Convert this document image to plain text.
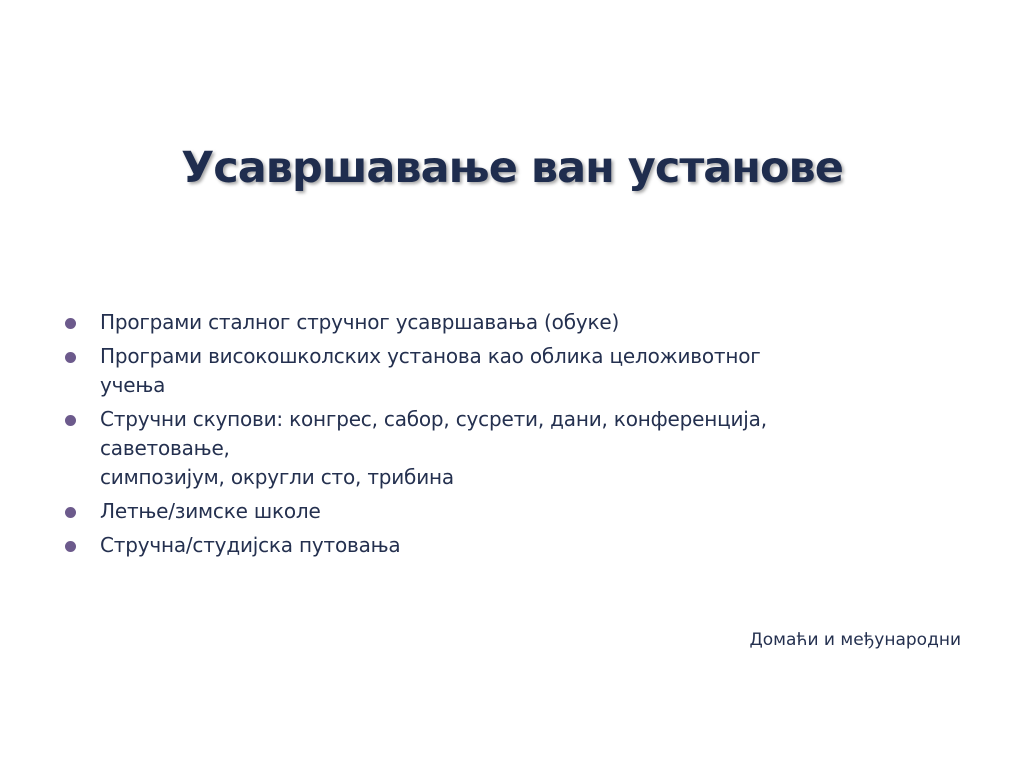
Усавршавање ван установе
Програми сталног стручног усавршавања (обуке)
Програми високошколских установа као облика целоживотног
учења
Стручни скупови: конгрес, сабор, сусрети, дани, конференција,
саветовање,
симпозијум, округли сто, трибина
Летње/зимске школе
Стручна/студијска путовања
Домаћи и међународни
